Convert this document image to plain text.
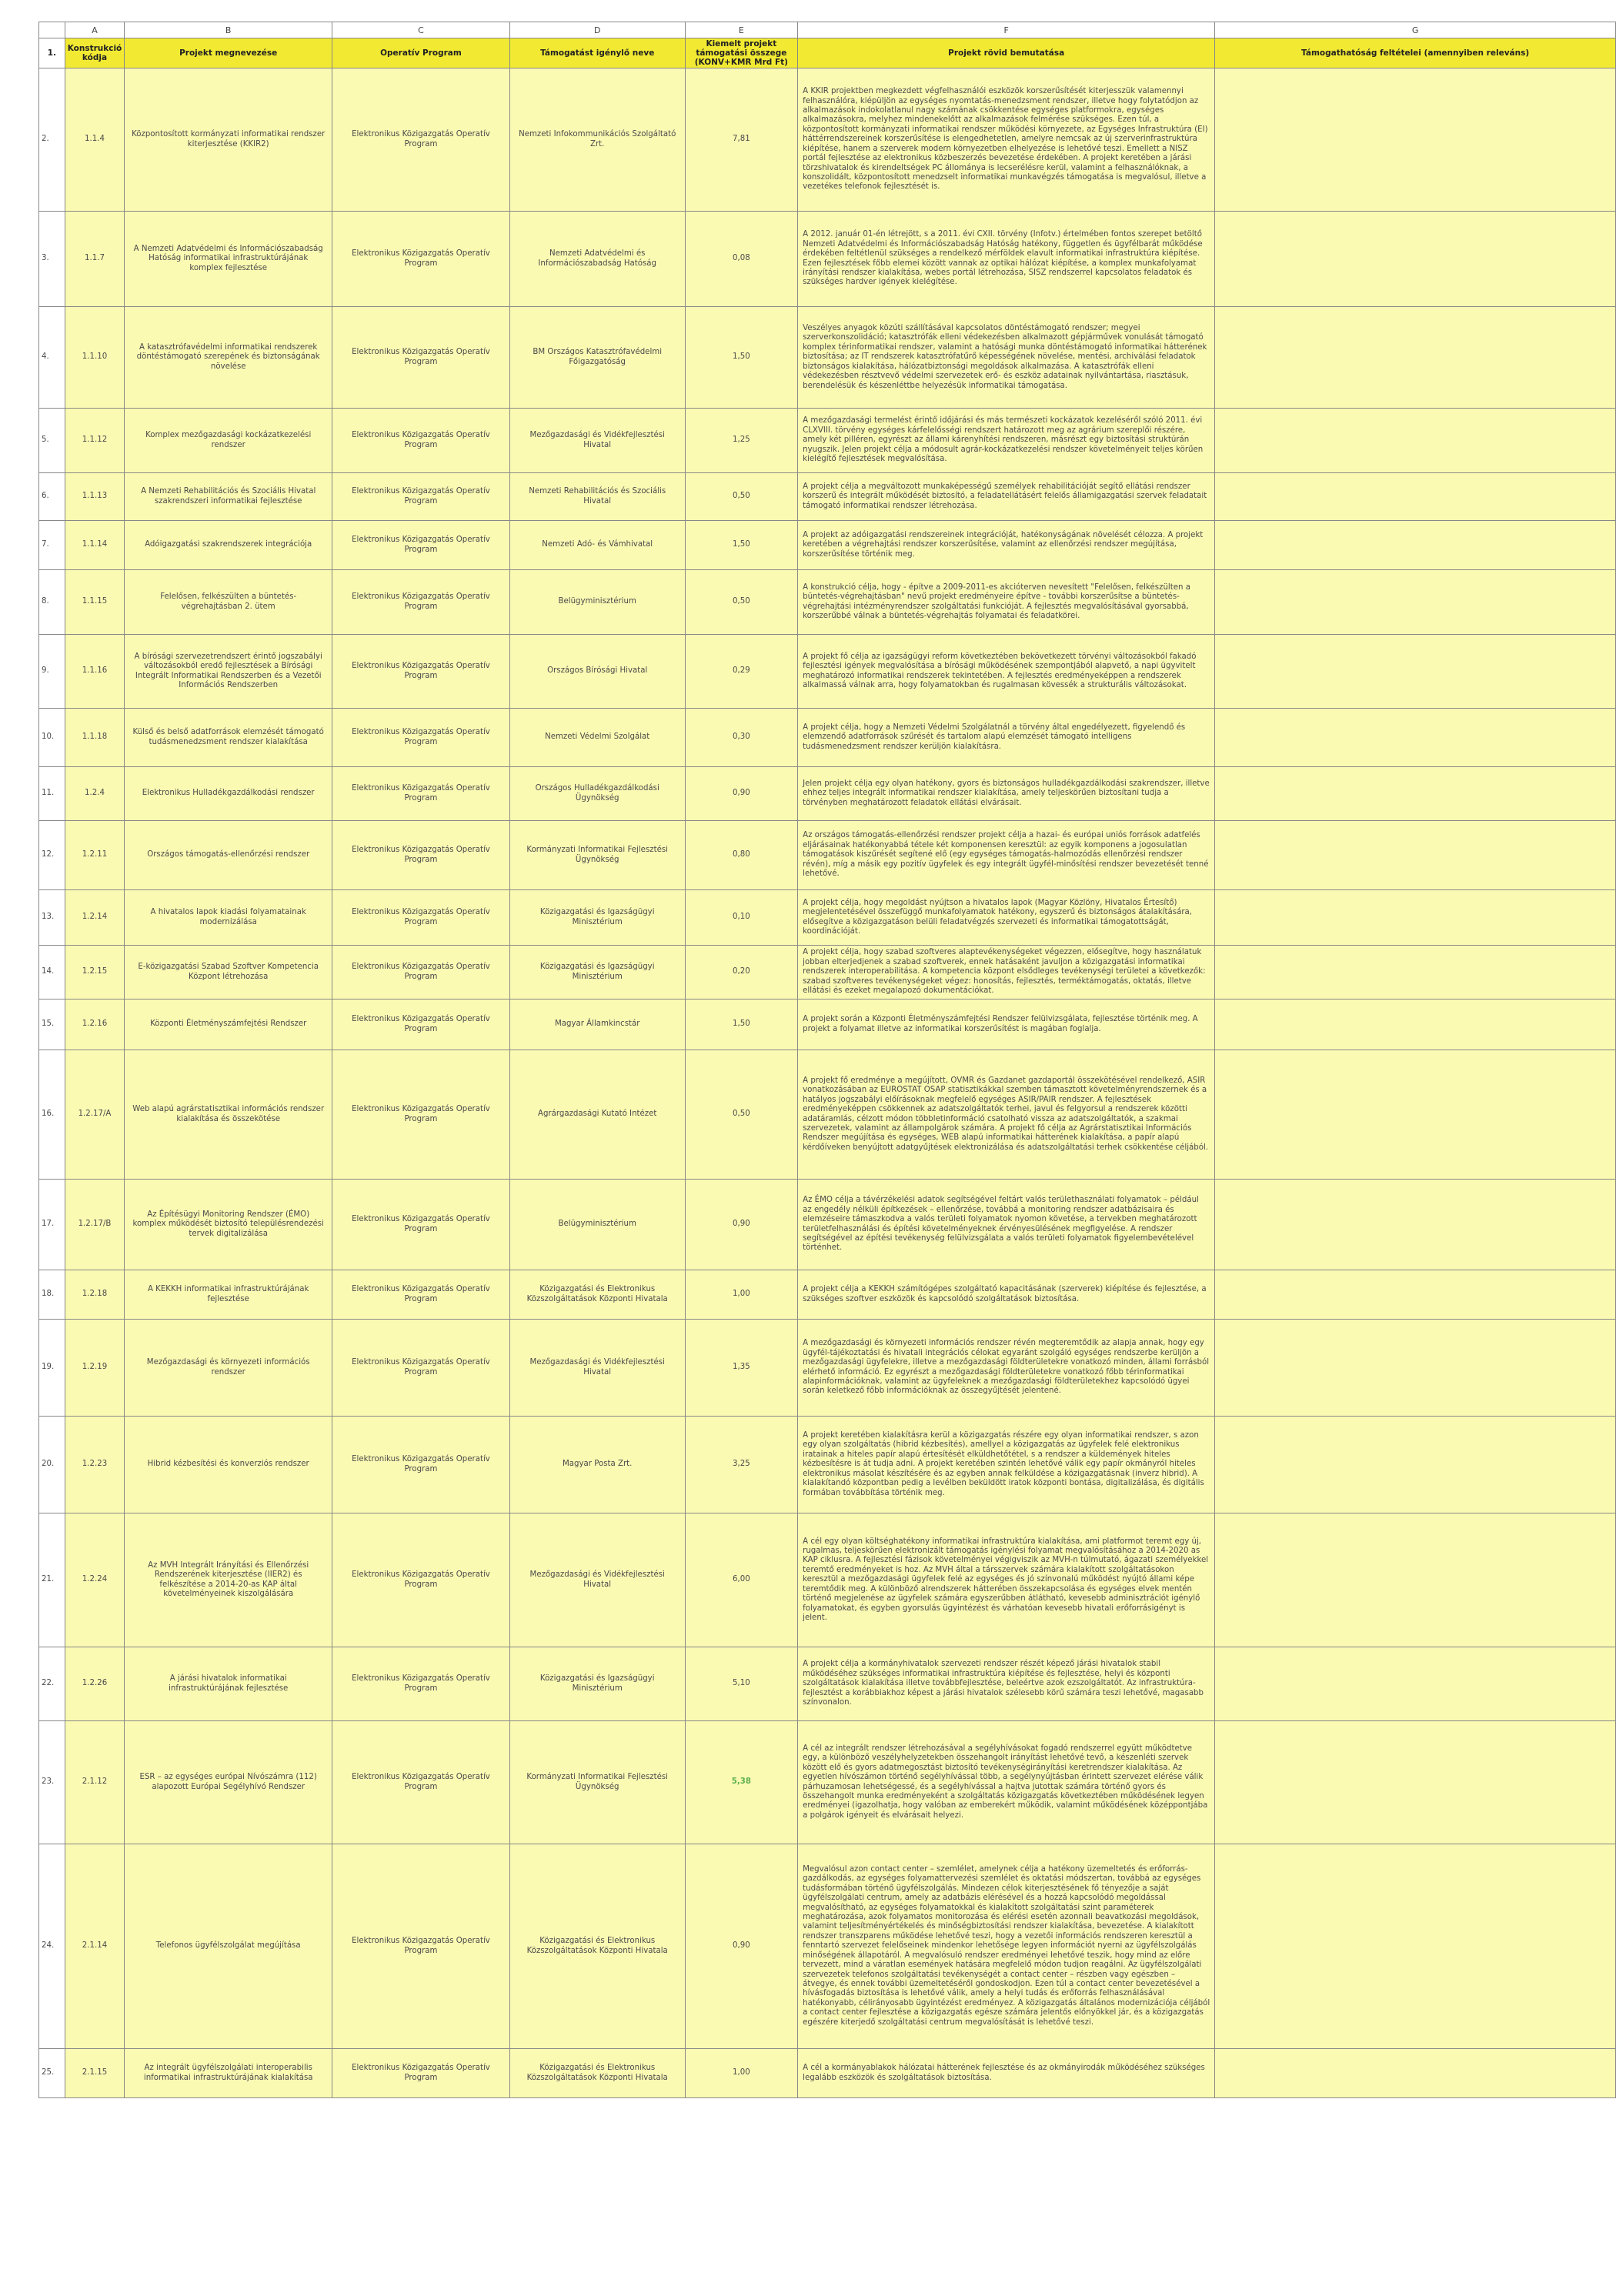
	A	B	C	D	E	F	G
1.	Konstrukció kódja	Projekt megnevezése	Operatív Program	Támogatást igénylő neve	Kiemelt projekt támogatási összege (KONV+KMR Mrd Ft)	Projekt rövid bemutatása	Támogathatóság feltételei (amennyiben releváns)
2.	1.1.4	Központosított kormányzati informatikai rendszer kiterjesztése (KKIR2)	Elektronikus Közigazgatás Operatív Program	Nemzeti Infokommunikációs Szolgáltató Zrt.	7,81	A KKIR projektben megkezdett végfelhasználói eszközök korszerűsítését kiterjesszük valamennyi felhasználóra, kiépüljön az egységes nyomtatás-menedzsment rendszer, illetve hogy folytatódjon az alkalmazások indokolatlanul nagy számának csökkentése egységes platformokra, egységes alkalmazásokra, melyhez mindenekelőtt az alkalmazások felmérése szükséges. Ezen túl, a központosított kormányzati informatikai rendszer működési környezete, az Egységes Infrastruktúra (EI) háttérrendszereinek korszerűsítése is elengedhetetlen, amelyre nemcsak az új szerverinfrastruktúra kiépítése, hanem a szerverek modern környezetben elhelyezése is lehetővé teszi. Emellett a NISZ portál fejlesztése az elektronikus közbeszerzés bevezetése érdekében. A projekt keretében a járási törzshivatalok és kirendeltségek PC állománya is lecserélésre kerül, valamint a felhasználóknak, a konszolidált, központosított menedzselt informatikai munkavégzés támogatása is megvalósul, illetve a vezetékes telefonok fejlesztését is.	
3.	1.1.7	A Nemzeti Adatvédelmi és Információszabadság Hatóság informatikai infrastruktúrájának komplex fejlesztése	Elektronikus Közigazgatás Operatív Program	Nemzeti Adatvédelmi és Információszabadság Hatóság	0,08	A 2012. január 01-én létrejött, s a 2011. évi CXII. törvény (Infotv.) értelmében fontos szerepet betöltő Nemzeti Adatvédelmi és Információszabadság Hatóság hatékony, független és ügyfélbarát működése érdekében feltétlenül szükséges a rendelkező mérföldek elavult informatikai infrastruktúra kiépítése. Ezen fejlesztések főbb elemei között vannak az optikai hálózat kiépítése, a komplex munkafolyamat irányítási rendszer kialakítása, webes portál létrehozása, SISZ rendszerrel kapcsolatos feladatok és szükséges hardver igények kielégítése.	
4.	1.1.10	A katasztrófavédelmi informatikai rendszerek döntéstámogató szerepének és biztonságának növelése	Elektronikus Közigazgatás Operatív Program	BM Országos Katasztrófavédelmi Főigazgatóság	1,50	Veszélyes anyagok közúti szállításával kapcsolatos döntéstámogató rendszer; megyei szerverkonszolidáció; katasztrófák elleni védekezésben alkalmazott gépjárművek vonulását támogató komplex térinformatikai rendszer, valamint a hatósági munka döntéstámogató informatikai hátterének biztosítása; az IT rendszerek katasztrófatűrő képességének növelése, mentési, archiválási feladatok biztonságos kialakítása, hálózatbiztonsági megoldások alkalmazása. A katasztrófák elleni védekezésben résztvevő védelmi szervezetek erő- és eszköz adatainak nyilvántartása, riasztásuk, berendelésük és készenléttbe helyezésük informatikai támogatása.	
5.	1.1.12	Komplex mezőgazdasági kockázatkezelési rendszer	Elektronikus Közigazgatás Operatív Program	Mezőgazdasági és Vidékfejlesztési Hivatal	1,25	A mezőgazdasági termelést érintő időjárási és más természeti kockázatok kezeléséről szóló 2011. évi CLXVIII. törvény egységes kárfelelősségi rendszert határozott meg az agrárium szereplői részére, amely két pilléren, egyrészt az állami kárenyhítési rendszeren, másrészt egy biztosítási struktúrán nyugszik. Jelen projekt célja a módosult agrár-kockázatkezelési rendszer követelményeit teljes körűen kielégítő fejlesztések megvalósítása.	
6.	1.1.13	A Nemzeti Rehabilitációs és Szociális Hivatal szakrendszeri informatikai fejlesztése	Elektronikus Közigazgatás Operatív Program	Nemzeti Rehabilitációs és Szociális Hivatal	0,50	A projekt célja a megváltozott munkaképességű személyek rehabilitációját segítő ellátási rendszer korszerű és integrált működését biztosító, a feladatellátásért felelős államigazgatási szervek feladatait támogató informatikai rendszer létrehozása.	
7.	1.1.14	Adóigazgatási szakrendszerek integrációja	Elektronikus Közigazgatás Operatív Program	Nemzeti Adó- és Vámhivatal	1,50	A projekt az adóigazgatási rendszereinek integrációját, hatékonyságának növelését célozza. A projekt keretében a végrehajtási rendszer korszerűsítése, valamint az ellenőrzési rendszer megújítása, korszerűsítése történik meg.	
8.	1.1.15	Felelősen, felkészülten a büntetés-végrehajtásban 2. ütem	Elektronikus Közigazgatás Operatív Program	Belügyminisztérium	0,50	A konstrukció célja, hogy - építve a 2009-2011-es akcióterven nevesített "Felelősen, felkészülten a büntetés-végrehajtásban" nevű projekt eredményeire építve - további korszerűsítse a büntetés-végrehajtási intézményrendszer szolgáltatási funkcióját. A fejlesztés megvalósításával gyorsabbá, korszerűbbé válnak a büntetés-végrehajtás folyamatai és feladatkörei.	
9.	1.1.16	A bírósági szervezetrendszert érintő jogszabályi változásokból eredő fejlesztések a Bírósági Integrált Informatikai Rendszerben és a Vezetői Információs Rendszerben	Elektronikus Közigazgatás Operatív Program	Országos Bírósági Hivatal	0,29	A projekt fő célja az igazságügyi reform következtében bekövetkezett törvényi változásokból fakadó fejlesztési igények megvalósítása a bírósági működésének szempontjából alapvető, a napi ügyvitelt meghatározó informatikai rendszerek tekintetében. A fejlesztés eredményeképpen a rendszerek alkalmassá válnak arra, hogy folyamatokban és rugalmasan kövessék a strukturális változásokat.	
10.	1.1.18	Külső és belső adatforrások elemzését támogató tudásmenedzsment rendszer kialakítása	Elektronikus Közigazgatás Operatív Program	Nemzeti Védelmi Szolgálat	0,30	A projekt célja, hogy a Nemzeti Védelmi Szolgálatnál a törvény által engedélyezett, figyelendő és elemzendő adatforrások szűrését és tartalom alapú elemzését támogató intelligens tudásmenedzsment rendszer kerüljön kialakításra.	
11.	1.2.4	Elektronikus Hulladékgazdálkodási rendszer	Elektronikus Közigazgatás Operatív Program	Országos Hulladékgazdálkodási Ügynökség	0,90	Jelen projekt célja egy olyan hatékony, gyors és biztonságos hulladékgazdálkodási szakrendszer, illetve ehhez teljes integrált informatikai rendszer kialakítása, amely teljeskörűen biztosítani tudja a törvényben meghatározott feladatok ellátási elvárásait.	
12.	1.2.11	Országos támogatás-ellenőrzési rendszer	Elektronikus Közigazgatás Operatív Program	Kormányzati Informatikai Fejlesztési Ügynökség	0,80	Az országos támogatás-ellenőrzési rendszer projekt célja a hazai- és európai uniós források adatfelés eljárásainak hatékonyabbá tétele két komponensen keresztül: az egyik komponens a jogosulatlan támogatások kiszűrését segítené elő (egy egységes támogatás-halmozódás ellenőrzési rendszer révén), míg a másik egy pozitív ügyfelek és egy integrált ügyfél-minősítési rendszer bevezetését tenné lehetővé.	
13.	1.2.14	A hivatalos lapok kiadási folyamatainak modernizálása	Elektronikus Közigazgatás Operatív Program	Közigazgatási és Igazságügyi Minisztérium	0,10	A projekt célja, hogy megoldást nyújtson a hivatalos lapok (Magyar Közlöny, Hivatalos Értesítő) megjelentetésével összefüggő munkafolyamatok hatékony, egyszerű és biztonságos átalakítására, elősegítve a közigazgatáson belüli feladatvégzés szervezeti és informatikai támogatottságát, koordinációját.	
14.	1.2.15	E-közigazgatási Szabad Szoftver Kompetencia Központ létrehozása	Elektronikus Közigazgatás Operatív Program	Közigazgatási és Igazságügyi Minisztérium	0,20	A projekt célja, hogy szabad szoftveres alaptevékenységeket végezzen, elősegítve, hogy használatuk jobban elterjedjenek a szabad szoftverek, ennek hatásaként javuljon a közigazgatási informatikai rendszerek interoperabilitása. A kompetencia központ elsődleges tevékenységi területei a következők: szabad szoftveres tevékenységeket végez: honosítás, fejlesztés, terméktámogatás, oktatás, illetve ellátási és ezeket megalapozó dokumentációkat.	
15.	1.2.16	Központi Életményszámfejtési Rendszer	Elektronikus Közigazgatás Operatív Program	Magyar Államkincstár	1,50	A projekt során a Központi Életményszámfejtési Rendszer felülvizsgálata, fejlesztése történik meg. A projekt a folyamat illetve az informatikai korszerűsítést is magában foglalja.	
16.	1.2.17/A	Web alapú agrárstatisztikai információs rendszer kialakítása és összekötése	Elektronikus Közigazgatás Operatív Program	Agrárgazdasági Kutató Intézet	0,50	A projekt fő eredménye a megújított, OVMR és Gazdanet gazdaportál összekötésével rendelkező, ASIR vonatkozásában az EUROSTAT OSAP statisztikákkal szemben támasztott követelményrendszernek és a hatályos jogszabályi előírásoknak megfelelő egységes ASIR/PAIR rendszer. A fejlesztések eredményeképpen csökkennek az adatszolgáltatók terhei, javul és felgyorsul a rendszerek közötti adatáramlás, célzott módon többletinformáció csatolható vissza az adatszolgáltatók, a szakmai szervezetek, valamint az állampolgárok számára. A projekt fő célja az Agrárstatisztikai Információs Rendszer megújítása és egységes, WEB alapú informatikai hátterének kialakítása, a papír alapú kérdőíveken benyújtott adatgyűjtések elektronizálása és adatszolgáltatási terhek csökkentése céljából.	
17.	1.2.17/B	Az Építésügyi Monitoring Rendszer (ÉMO) komplex működését biztosító településrendezési tervek digitalizálása	Elektronikus Közigazgatás Operatív Program	Belügyminisztérium	0,90	Az ÉMO célja a távérzékelési adatok segítségével feltárt valós területhasználati folyamatok – például az engedély nélküli építkezések – ellenőrzése, továbbá a monitoring rendszer adatbázisaira és elemzéseire támaszkodva a valós területi folyamatok nyomon követése, a tervekben meghatározott területfelhasználási és építési követelményeknek érvényesülésének megfigyelése. A rendszer segítségével az építési tevékenység felülvizsgálata a valós területi folyamatok figyelembevételével történhet.	
18.	1.2.18	A KEKKH informatikai infrastruktúrájának fejlesztése	Elektronikus Közigazgatás Operatív Program	Közigazgatási és Elektronikus Közszolgáltatások Központi Hivatala	1,00	A projekt célja a KEKKH számítógépes szolgáltató kapacitásának (szerverek) kiépítése és fejlesztése, a szükséges szoftver eszközök és kapcsolódó szolgáltatások biztosítása.	
19.	1.2.19	Mezőgazdasági és környezeti információs rendszer	Elektronikus Közigazgatás Operatív Program	Mezőgazdasági és Vidékfejlesztési Hivatal	1,35	A mezőgazdasági és környezeti információs rendszer révén megteremtődik az alapja annak, hogy egy ügyfél-tájékoztatási és hivatali integrációs célokat egyaránt szolgáló egységes rendszerbe kerüljön a mezőgazdasági ügyfelekre, illetve a mezőgazdasági földterületekre vonatkozó minden, állami forrásból elérhető információ. Ez egyrészt a mezőgazdasági földterületekre vonatkozó főbb térinformatikai alapinformációknak, valamint az ügyfeleknek a mezőgazdasági földterületekhez kapcsolódó ügyei során keletkező főbb információknak az összegyűjtését jelentené.	
20.	1.2.23	Hibrid kézbesítési és konverziós rendszer	Elektronikus Közigazgatás Operatív Program	Magyar Posta Zrt.	3,25	A projekt keretében kialakításra kerül a közigazgatás részére egy olyan informatikai rendszer, s azon egy olyan szolgáltatás (hibrid kézbesítés), amellyel a közigazgatás az ügyfelek felé elektronikus iratainak a hiteles papír alapú értesítését elküldhetőtétel, s a rendszer a küldemények hiteles kézbesítésre is át tudja adni. A projekt keretében szintén lehetővé válik egy papír okmányról hiteles elektronikus másolat készítésére és az egyben annak felküldése a közigazgatásnak (inverz hibrid). A kialakítandó központban pedig a levélben beküldött iratok központi bontása, digitalizálása, és digitális formában továbbítása történik meg.	
21.	1.2.24	Az MVH Integrált Irányítási és Ellenőrzési Rendszerének kiterjesztése (IIER2) és felkészítése a 2014-20-as KAP által követelményeinek kiszolgálására	Elektronikus Közigazgatás Operatív Program	Mezőgazdasági és Vidékfejlesztési Hivatal	6,00	A cél egy olyan költséghatékony informatikai infrastruktúra kialakítása, ami platformot teremt egy új, rugalmas, teljeskörűen elektronizált támogatás igénylési folyamat megvalósításához a 2014-2020 as KAP ciklusra. A fejlesztési fázisok követelményei végigviszik az MVH-n túlmutató, ágazati személyekkel teremtő eredményeket is hoz. Az MVH által a társszervek számára kialakított szolgáltatásokon keresztül a mezőgazdasági ügyfelek felé az egységes és jó színvonalú működést nyújtó állami képe teremtődik meg. A különböző alrendszerek hátterében összekapcsolása és egységes elvek mentén történő megjelenése az ügyfelek számára egyszerűbben átlátható, kevesebb adminisztrációt igénylő folyamatokat, és egyben gyorsulás ügyintézést és várhatóan kevesebb hivatali erőforrásigényt is jelent.	
22.	1.2.26	A járási hivatalok informatikai infrastruktúrájának fejlesztése	Elektronikus Közigazgatás Operatív Program	Közigazgatási és Igazságügyi Minisztérium	5,10	A projekt célja a kormányhivatalok szervezeti rendszer részét képező járási hivatalok stabil működéséhez szükséges informatikai infrastruktúra kiépítése és fejlesztése, helyi és központi szolgáltatások kialakítása illetve továbbfejlesztése, beleértve azok ezszolgáltatót. Az infrastruktúra-fejlesztést a korábbiakhoz képest a járási hivatalok szélesebb körű számára teszi lehetővé, magasabb színvonalon.	
23.	2.1.12	ESR – az egységes európai Nívószámra (112) alapozott Európai Segélyhívó Rendszer	Elektronikus Közigazgatás Operatív Program	Kormányzati Informatikai Fejlesztési Ügynökség	5,38	A cél az integrált rendszer létrehozásával a segélyhívásokat fogadó rendszerrel együtt működtetve egy, a különböző veszélyhelyzetekben összehangolt irányítást lehetővé tevő, a készenléti szervek között elő és gyors adatmegosztást biztosító tevékenységirányítási keretrendszer kialakítása. Az egyetlen hívószámon történő segélyhívással több, a segélynyújtásban érintett szervezet elérése válik párhuzamosan lehetségessé, és a segélyhívással a hajtva jutottak számára történő gyors és összehangolt munka eredményeként a szolgáltatás közigazgatás következtében működésének legyen eredményei (igazolhatja, hogy valóban az emberekért működik, valamint működésének középpontjába a polgárok igényeit és elvárásait helyezi.	
24.	2.1.14	Telefonos ügyfélszolgálat megújítása	Elektronikus Közigazgatás Operatív Program	Közigazgatási és Elektronikus Közszolgáltatások Központi Hivatala	0,90	Megvalósul azon contact center – szemlélet, amelynek célja a hatékony üzemeltetés és erőforrás-gazdálkodás, az egységes folyamattervezési szemlélet és oktatási módszertan, továbbá az egységes tudásformában történő ügyfélszolgálás. Mindezen célok kiterjesztésének fő tényezője a saját ügyfélszolgálati centrum, amely az adatbázis elérésével és a hozzá kapcsolódó megoldással megvalósítható, az egységes folyamatokkal és kialakított szolgáltatási szint paraméterek meghatározása, azok folyamatos monitorozása és elérési esetén azonnali beavatkozási megoldások, valamint teljesítményértékelés és minőségbiztosítási rendszer kialakítása, bevezetése. A kialakított rendszer transzparens működése lehetővé teszi, hogy a vezetői információs rendszeren keresztül a fenntartó szervezet felelőseinek mindenkor lehetősége legyen információt nyerni az ügyfélszolgálás minőségének állapotáról. A megvalósuló rendszer eredményei lehetővé teszik, hogy mind az előre tervezett, mind a váratlan események hatására megfelelő módon tudjon reagálni. Az ügyfélszolgálati szervezetek telefonos szolgáltatási tevékenységét a contact center – részben vagy egészben – átvegye, és ennek további üzemeltetéséről gondoskodjon. Ezen túl a contact center bevezetésével a hívásfogadás biztosítása is lehetővé válik, amely a helyi tudás és erőforrás felhasználásával hatékonyabb, célirányosabb ügyintézést eredményez. A közigazgatás általános modernizációja céljából a contact center fejlesztése a közigazgatás egésze számára jelentős előnyökkel jár, és a közigazgatás egészére kiterjedő szolgáltatási centrum megvalósítását is lehetővé teszi.	
25.	2.1.15	Az integrált ügyfélszolgálati interoperabilis informatikai infrastruktúrájának kialakítása	Elektronikus Közigazgatás Operatív Program	Közigazgatási és Elektronikus Közszolgáltatások Központi Hivatala	1,00	A cél a kormányablakok hálózatai hátterének fejlesztése és az okmányirodák működéséhez szükséges legalább eszközök és szolgáltatások biztosítása.	
